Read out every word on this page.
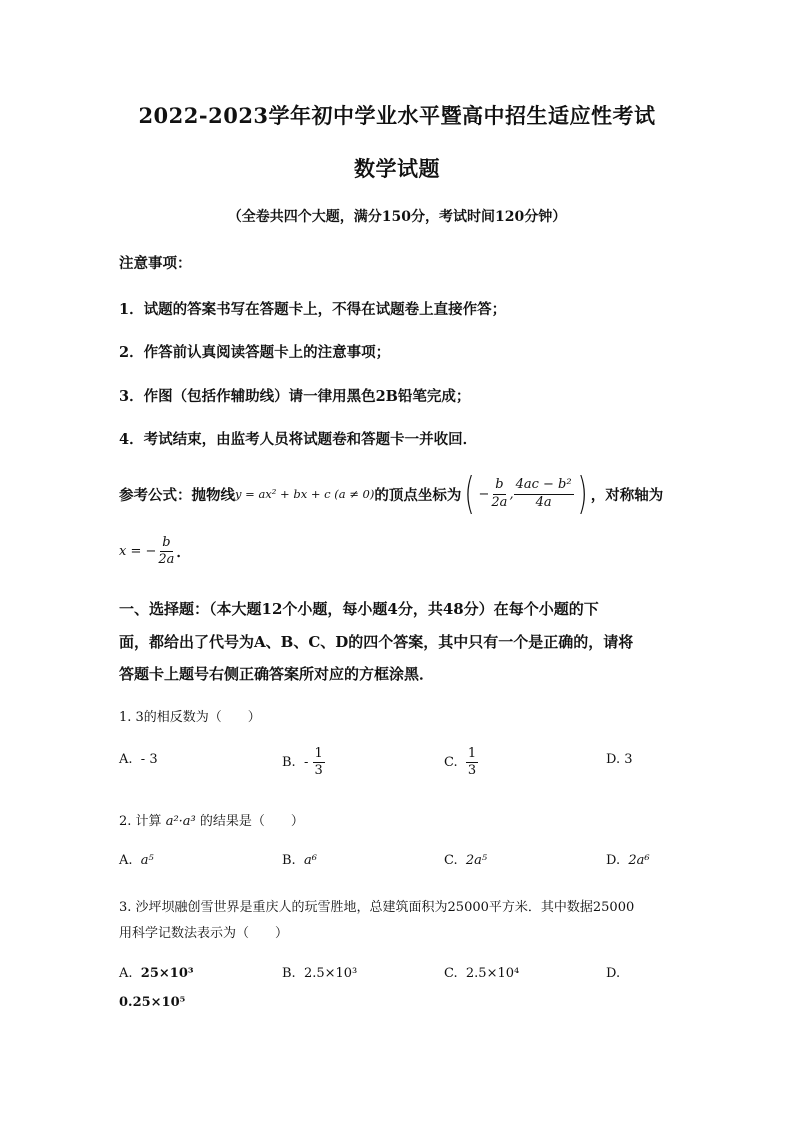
2022-2023学年初中学业水平暨高中招生适应性考试
数学试题
（全卷共四个大题，满分150分，考试时间120分钟）
注意事项：
1．试题的答案书写在答题卡上，不得在试题卷上直接作答；
2．作答前认真阅读答题卡上的注意事项；
3．作图（包括作辅助线）请一律用黑色2B铅笔完成；
4．考试结束，由监考人员将试题卷和答题卡一并收回．
参考公式：抛物线 y = ax² + bx + c (a ≠ 0) 的顶点坐标为 ( − $\frac{b}{2a}$ , $\frac{\text{4ac − b²}}{4a}$ ) ，对称轴为
x = − $\frac{b}{2a}$ ．
一、选择题：（本大题12个小题，每小题4分，共48分）在每个小题的下
面，都给出了代号为A、B、C、D的四个答案，其中只有一个是正确的，请将
答题卡上题号右侧正确答案所对应的方框涂黑．
1. 3的相反数为（　　）
A.
- 3	B.
-
$\frac{1}{3}$	C.
$\frac{1}{3}$	D. 3
2. 计算 a²·a³ 的结果是（　　）
A. a⁵	B. a⁶	C. 2a⁵	D. 2a⁶
3. 沙坪坝融创雪世界是重庆人的玩雪胜地，总建筑面积为25000平方米．其中数据25000
用科学记数法表示为（　　）
A. 25×10³	B. 2.5×10³	C. 2.5×10⁴	D.
0.25×10⁵
